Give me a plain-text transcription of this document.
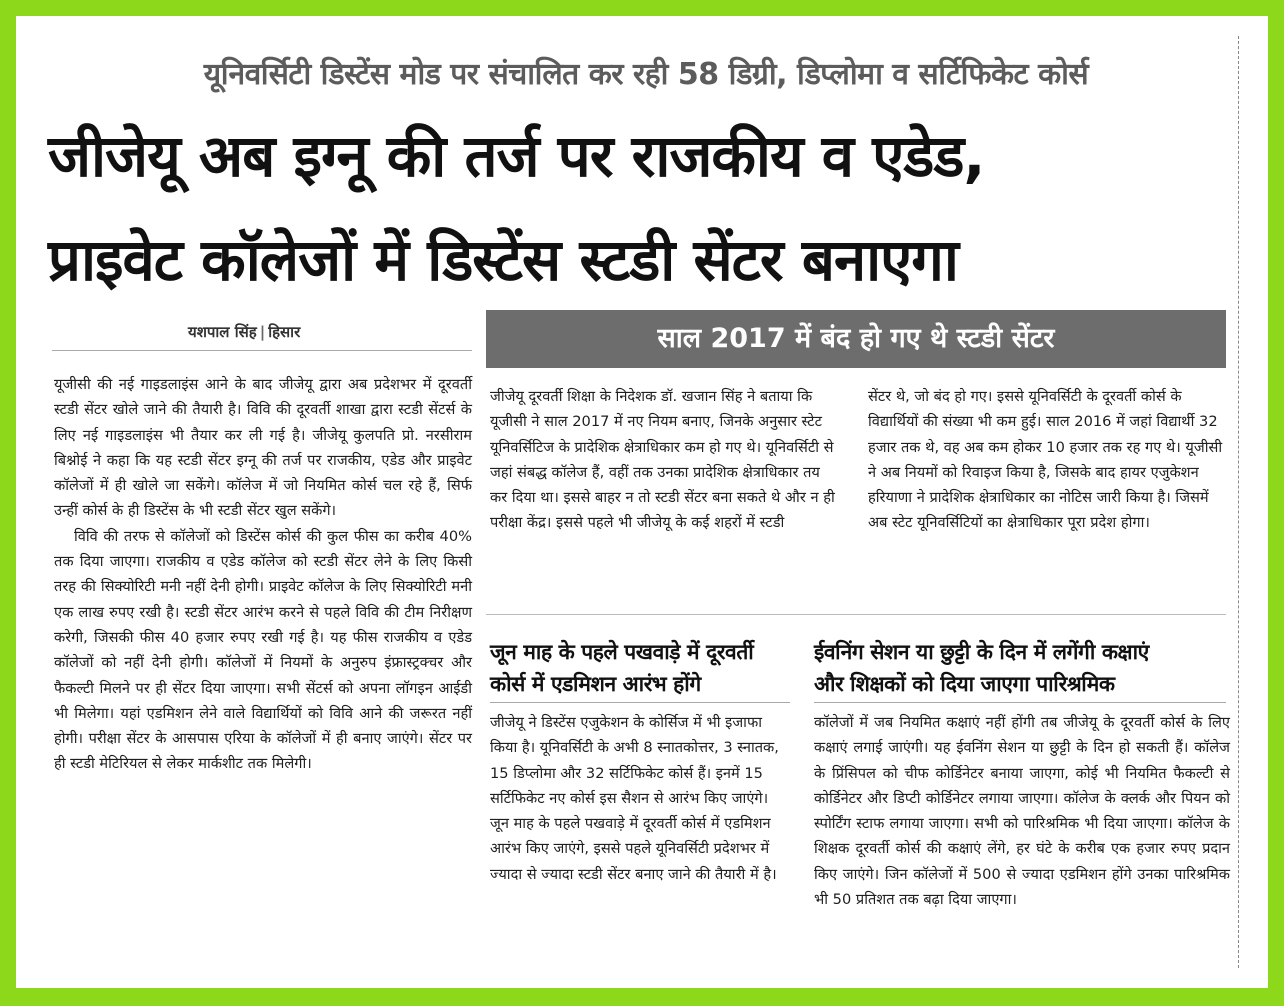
यूनिवर्सिटी डिस्टेंस मोड पर संचालित कर रही 58 डिग्री, डिप्लोमा व सर्टिफिकेट कोर्स
जीजेयू अब इग्नू की तर्ज पर राजकीय व एडेड,
प्राइवेट कॉलेजों में डिस्टेंस स्टडी सेंटर बनाएगा
यशपाल सिंह | हिसार

यूजीसी की नई गाइडलाइंस आने के बाद जीजेयू द्वारा अब प्रदेशभर में दूरवर्ती स्टडी सेंटर खोले जाने की तैयारी है। विवि की दूरवर्ती शाखा द्वारा स्टडी सेंटर्स के लिए नई गाइडलाइंस भी तैयार कर ली गई है। जीजेयू कुलपति प्रो. नरसीराम बिश्नोई ने कहा कि यह स्टडी सेंटर इग्नू की तर्ज पर राजकीय, एडेड और प्राइवेट कॉलेजों में ही खोले जा सकेंगे। कॉलेज में जो नियमित कोर्स चल रहे हैं, सिर्फ उन्हीं कोर्स के ही डिस्टेंस के भी स्टडी सेंटर खुल सकेंगे।

विवि की तरफ से कॉलेजों को डिस्टेंस कोर्स की कुल फीस का करीब 40% तक दिया जाएगा। राजकीय व एडेड कॉलेज को स्टडी सेंटर लेने के लिए किसी तरह की सिक्योरिटी मनी नहीं देनी होगी। प्राइवेट कॉलेज के लिए सिक्योरिटी मनी एक लाख रुपए रखी है। स्टडी सेंटर आरंभ करने से पहले विवि की टीम निरीक्षण करेगी, जिसकी फीस 40 हजार रुपए रखी गई है। यह फीस राजकीय व एडेड कॉलेजों को नहीं देनी होगी। कॉलेजों में नियमों के अनुरुप इंफ्रास्ट्रक्चर और फैकल्टी मिलने पर ही सेंटर दिया जाएगा। सभी सेंटर्स को अपना लॉगइन आईडी भी मिलेगा। यहां एडमिशन लेने वाले विद्यार्थियों को विवि आने की जरूरत नहीं होगी। परीक्षा सेंटर के आसपास एरिया के कॉलेजों में ही बनाए जाएंगे। सेंटर पर ही स्टडी मेटिरियल से लेकर मार्कशीट तक मिलेगी।

साल 2017 में बंद हो गए थे स्टडी सेंटर
जीजेयू दूरवर्ती शिक्षा के निदेशक डॉ. खजान सिंह ने बताया कि यूजीसी ने साल 2017 में नए नियम बनाए, जिनके अनुसार स्टेट यूनिवर्सिटिज के प्रादेशिक क्षेत्राधिकार कम हो गए थे। यूनिवर्सिटी से जहां संबद्ध कॉलेज हैं, वहीं तक उनका प्रादेशिक क्षेत्राधिकार तय कर दिया था। इससे बाहर न तो स्टडी सेंटर बना सकते थे और न ही परीक्षा केंद्र। इससे पहले भी जीजेयू के कई शहरों में स्टडी
सेंटर थे, जो बंद हो गए। इससे यूनिवर्सिटी के दूरवर्ती कोर्स के विद्यार्थियों की संख्या भी कम हुई। साल 2016 में जहां विद्यार्थी 32 हजार तक थे, वह अब कम होकर 10 हजार तक रह गए थे। यूजीसी ने अब नियमों को रिवाइज किया है, जिसके बाद हायर एजुकेशन हरियाणा ने प्रादेशिक क्षेत्राधिकार का नोटिस जारी किया है। जिसमें अब स्टेट यूनिवर्सिटियों का क्षेत्राधिकार पूरा प्रदेश होगा।
जून माह के पहले पखवाड़े में दूरवर्ती
कोर्स में एडमिशन आरंभ होंगे
जीजेयू ने डिस्टेंस एजुकेशन के कोर्सिज में भी इजाफा किया है। यूनिवर्सिटी के अभी 8 स्नातकोत्तर, 3 स्नातक, 15 डिप्लोमा और 32 सर्टिफिकेट कोर्स हैं। इनमें 15 सर्टिफिकेट नए कोर्स इस सैशन से आरंभ किए जाएंगे। जून माह के पहले पखवाड़े में दूरवर्ती कोर्स में एडमिशन आरंभ किए जाएंगे, इससे पहले यूनिवर्सिटी प्रदेशभर में ज्यादा से ज्यादा स्टडी सेंटर बनाए जाने की तैयारी में है।
ईवनिंग सेशन या छुट्टी के दिन में लगेंगी कक्षाएं
और शिक्षकों को दिया जाएगा पारिश्रमिक
कॉलेजों में जब नियमित कक्षाएं नहीं होंगी तब जीजेयू के दूरवर्ती कोर्स के लिए कक्षाएं लगाई जाएंगी। यह ईवनिंग सेशन या छुट्टी के दिन हो सकती हैं। कॉलेज के प्रिंसिपल को चीफ कोर्डिनेटर बनाया जाएगा, कोई भी नियमित फैकल्टी से कोर्डिनेटर और डिप्टी कोर्डिनेटर लगाया जाएगा। कॉलेज के क्लर्क और पियन को स्पोर्टिंग स्टाफ लगाया जाएगा। सभी को पारिश्रमिक भी दिया जाएगा। कॉलेज के शिक्षक दूरवर्ती कोर्स की कक्षाएं लेंगे, हर घंटे के करीब एक हजार रुपए प्रदान किए जाएंगे। जिन कॉलेजों में 500 से ज्यादा एडमिशन होंगे उनका पारिश्रमिक भी 50 प्रतिशत तक बढ़ा दिया जाएगा।
